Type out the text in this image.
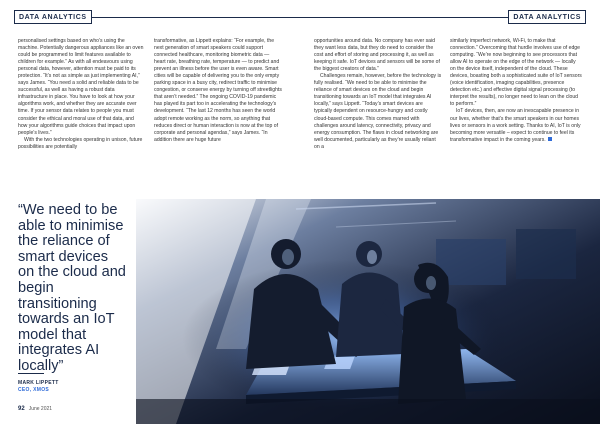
DATA ANALYTICS

personalised settings based on who’s using the machine. Potentially dangerous appliances like an oven could be programmed to limit features available to children for example.” As with all endeavours using personal data, however, attention must be paid to its protection. “It’s not as simple as just implementing AI,” says James. “You need a solid and reliable data to be successful, as well as having a robust data infrastructure in place. You have to look at how your algorithms work, and whether they are accurate over time. If your sensor data relates to people you must consider the ethical and moral use of that data, and how your algorithms guide choices that impact upon people’s lives.”

With the two technologies operating in unison, future possibilities are potentially

transformative, as Lippett explains: “For example, the next generation of smart speakers could support connected healthcare, monitoring biometric data — heart rate, breathing rate, temperature — to predict and prevent an illness before the user is even aware. Smart cities will be capable of delivering you to the only empty parking space in a busy city, redirect traffic to minimise congestion, or conserve energy by turning off streetlights that aren’t needed.” The ongoing COVID-19 pandemic has played its part too in accelerating the technology’s development. “The last 12 months has seen the world adopt remote working as the norm, so anything that reduces direct or human interaction is now at the top of corporate and personal agendas,” says James. “In addition there are huge future

“We need to be able to minimise the reliance of smart devices on the cloud and begin transitioning towards an IoT model that integrates AI locally”
MARK LIPPETT
CEO, XMOS
92 June 2021
DATA ANALYTICS

opportunities around data. No company has ever said they want less data, but they do need to consider the cost and effort of storing and processing it, as well as keeping it safe. IoT devices and sensors will be some of the biggest creators of data.”

Challenges remain, however, before the technology is fully realised. “We need to be able to minimise the reliance of smart devices on the cloud and begin transitioning towards an IoT model that integrates AI locally,” says Lippett. “Today’s smart devices are typically dependent on resource-hungry and costly cloud-based compute. This comes marred with challenges around latency, connectivity, privacy and energy consumption. The flaws in cloud networking are well documented, particularly as they’re usually reliant on a

similarly imperfect network, Wi-Fi, to make that connection.” Overcoming that hurdle involves use of edge computing. “We’re now beginning to see processors that allow AI to operate on the edge of the network — locally on the device itself, independent of the cloud. These devices, boasting both a sophisticated suite of IoT sensors (voice identification, imaging capabilities, presence detection etc.) and effective digital signal processing (to interpret the results), no longer need to lean on the cloud to perform.”

IoT devices, then, are now an inescapable presence in our lives, whether that’s the smart speakers in our homes lives or sensors in a work setting. Thanks to AI, IoT is only becoming more versatile – expect to continue to feel its transformative impact in the coming years.
